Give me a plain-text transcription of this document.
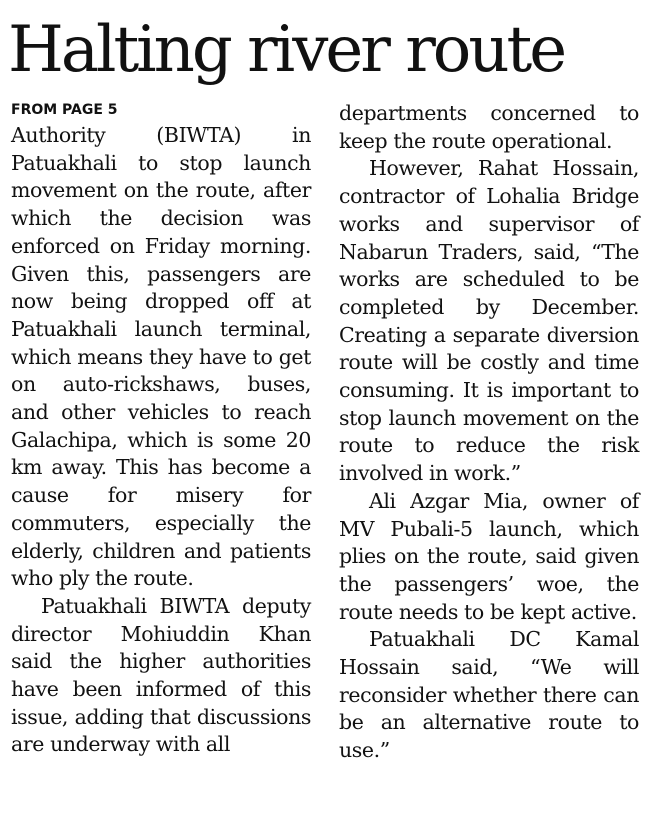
Halting river route
FROM PAGE 5

Authority (BIWTA) in Patuakhali to stop launch movement on the route, after which the decision was enforced on Friday morning. Given this, passengers are now being dropped off at Patuakhali launch terminal, which means they have to get on auto-rickshaws, buses, and other vehicles to reach Galachipa, which is some 20 km away. This has become a cause for misery for commuters, especially the elderly, children and patients who ply the route.

Patuakhali BIWTA deputy director Mohiuddin Khan said the higher authorities have been informed of this issue, adding that discussions are underway with all

departments concerned to keep the route operational.

However, Rahat Hossain, contractor of Lohalia Bridge works and supervisor of Nabarun Traders, said, “The works are scheduled to be completed by December. Creating a separate diversion route will be costly and time consuming. It is important to stop launch movement on the route to reduce the risk involved in work.”

Ali Azgar Mia, owner of MV Pubali-5 launch, which plies on the route, said given the passengers’ woe, the route needs to be kept active.

Patuakhali DC Kamal Hossain said, “We will reconsider whether there can be an alternative route to use.”
